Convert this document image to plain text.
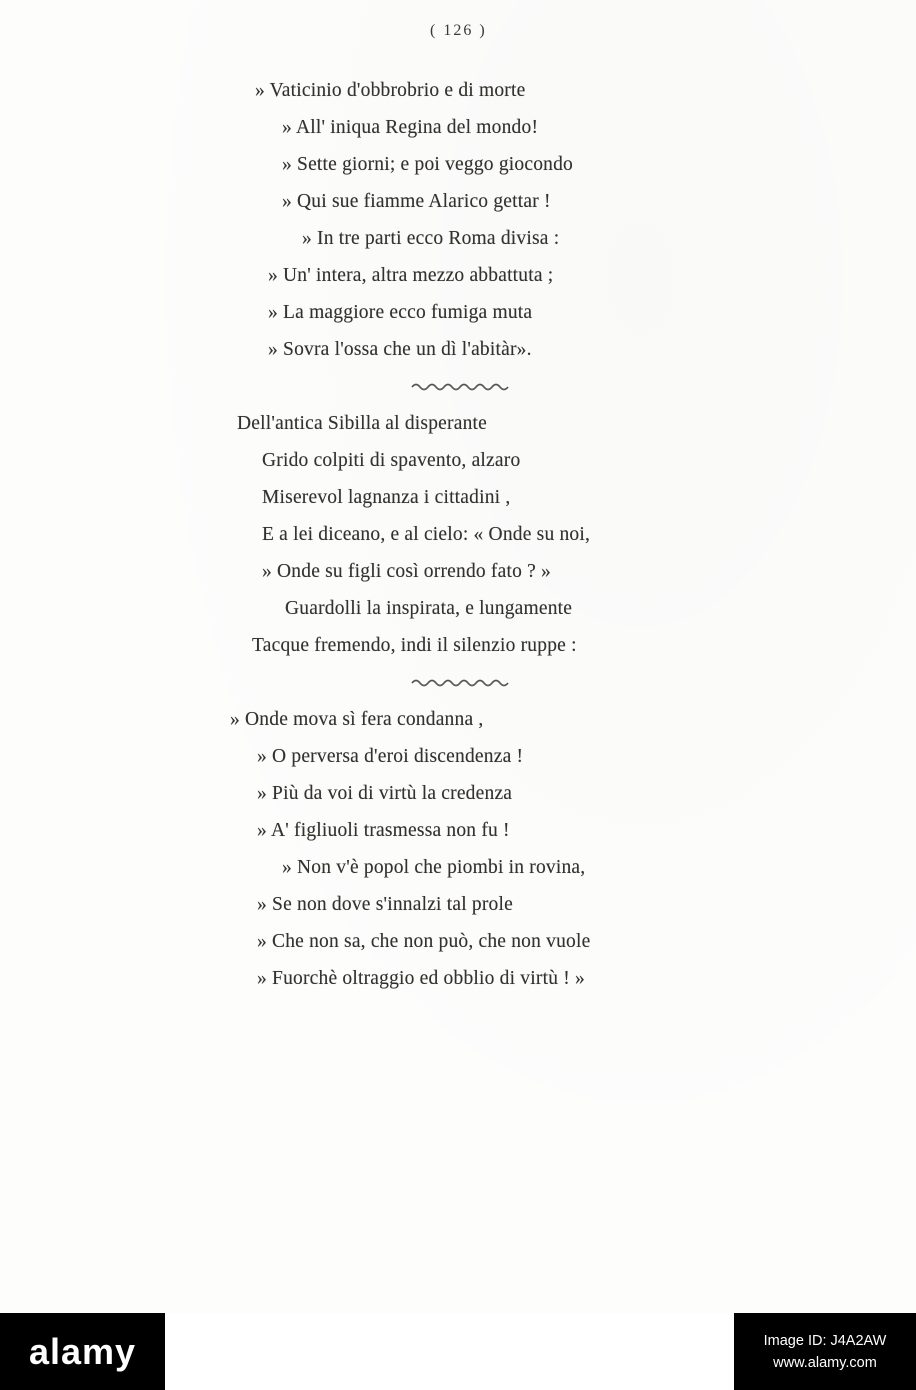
( 126 )
» Vaticinio d'obbrobrio e di morte
» All' iniqua Regina del mondo!
» Sette giorni; e poi veggo giocondo
» Qui sue fiamme Alarico gettar !
» In tre parti ecco Roma divisa :
» Un' intera, altra mezzo abbattuta ;
» La maggiore ecco fumiga muta
» Sovra l'ossa che un dì l'abitàr».
Dell'antica Sibilla al disperante
Grido colpiti di spavento, alzaro
Miserevol lagnanza i cittadini ,
E a lei diceano, e al cielo: « Onde su noi,
» Onde su figli così orrendo fato ? »
Guardolli la inspirata, e lungamente
Tacque fremendo, indi il silenzio ruppe :
» Onde mova sì fera condanna ,
» O perversa d'eroi discendenza !
» Più da voi di virtù la credenza
» A' figliuoli trasmessa non fu !
» Non v'è popol che piombi in rovina,
» Se non dove s'innalzi tal prole
» Che non sa, che non può, che non vuole
» Fuorchè oltraggio ed obblio di virtù ! »
alamy	Image ID: J4A2AW
www.alamy.com
